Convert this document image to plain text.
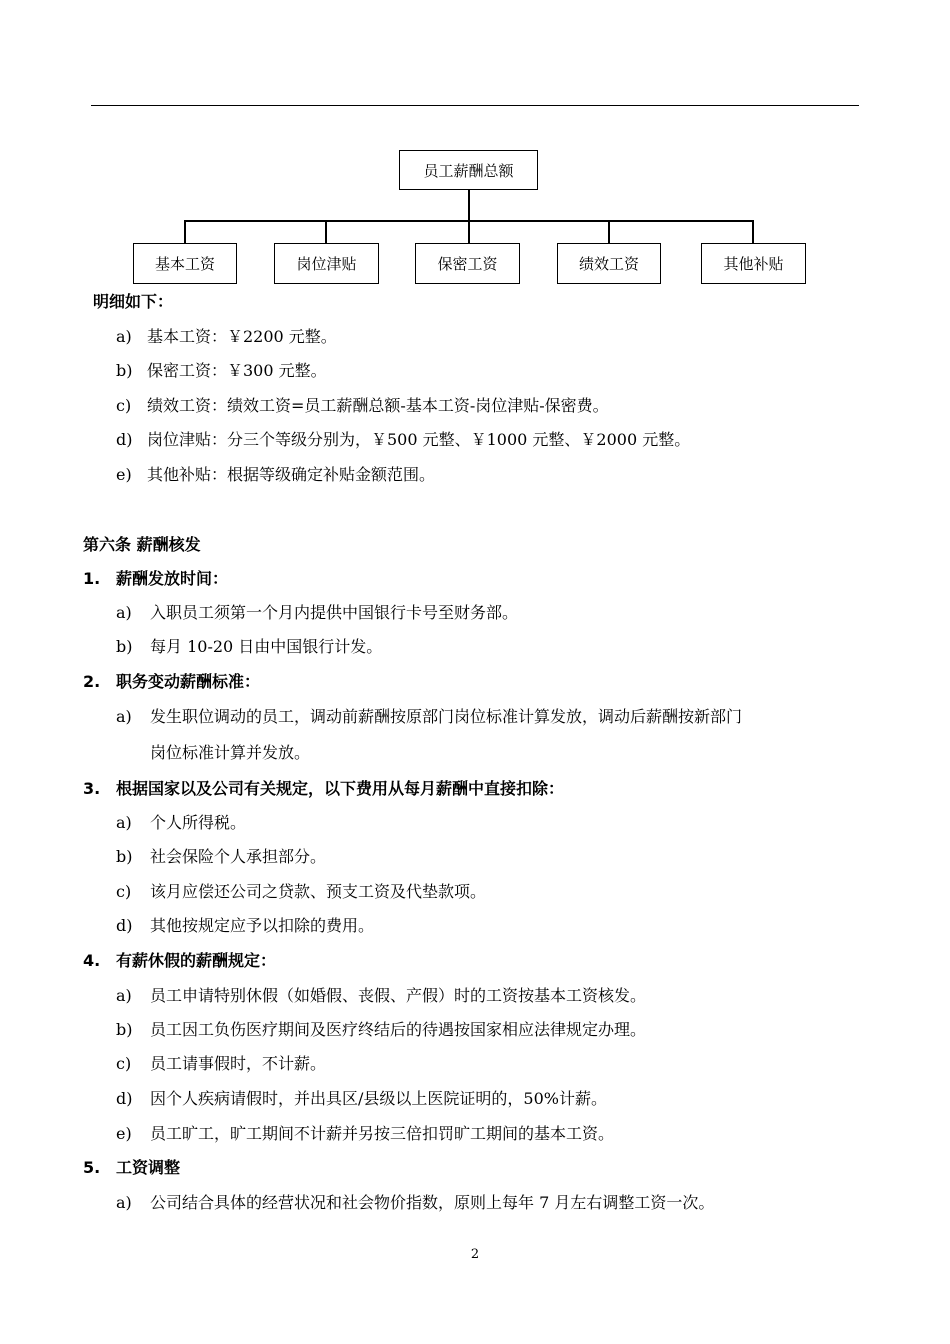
员工薪酬总额
基本工资	岗位津贴	保密工资	绩效工资	其他补贴
明细如下：
a) 基本工资：￥2200 元整。
b) 保密工资：￥300 元整。
c) 绩效工资：绩效工资=员工薪酬总额-基本工资-岗位津贴-保密费。
d) 岗位津贴：分三个等级分别为，￥500 元整、￥1000 元整、￥2000 元整。
e) 其他补贴：根据等级确定补贴金额范围。
第六条 薪酬核发
1. 薪酬发放时间：
a) 入职员工须第一个月内提供中国银行卡号至财务部。
b) 每月 10-20 日由中国银行计发。
2. 职务变动薪酬标准：
a) 发生职位调动的员工，调动前薪酬按原部门岗位标准计算发放，调动后薪酬按新部门
岗位标准计算并发放。
3. 根据国家以及公司有关规定，以下费用从每月薪酬中直接扣除：
a) 个人所得税。
b) 社会保险个人承担部分。
c) 该月应偿还公司之贷款、预支工资及代垫款项。
d) 其他按规定应予以扣除的费用。
4. 有薪休假的薪酬规定：
a) 员工申请特别休假（如婚假、丧假、产假）时的工资按基本工资核发。
b) 员工因工负伤医疗期间及医疗终结后的待遇按国家相应法律规定办理。
c) 员工请事假时，不计薪。
d) 因个人疾病请假时，并出具区/县级以上医院证明的，50%计薪。
e) 员工旷工，旷工期间不计薪并另按三倍扣罚旷工期间的基本工资。
5. 工资调整
a) 公司结合具体的经营状况和社会物价指数，原则上每年 7 月左右调整工资一次。
2
